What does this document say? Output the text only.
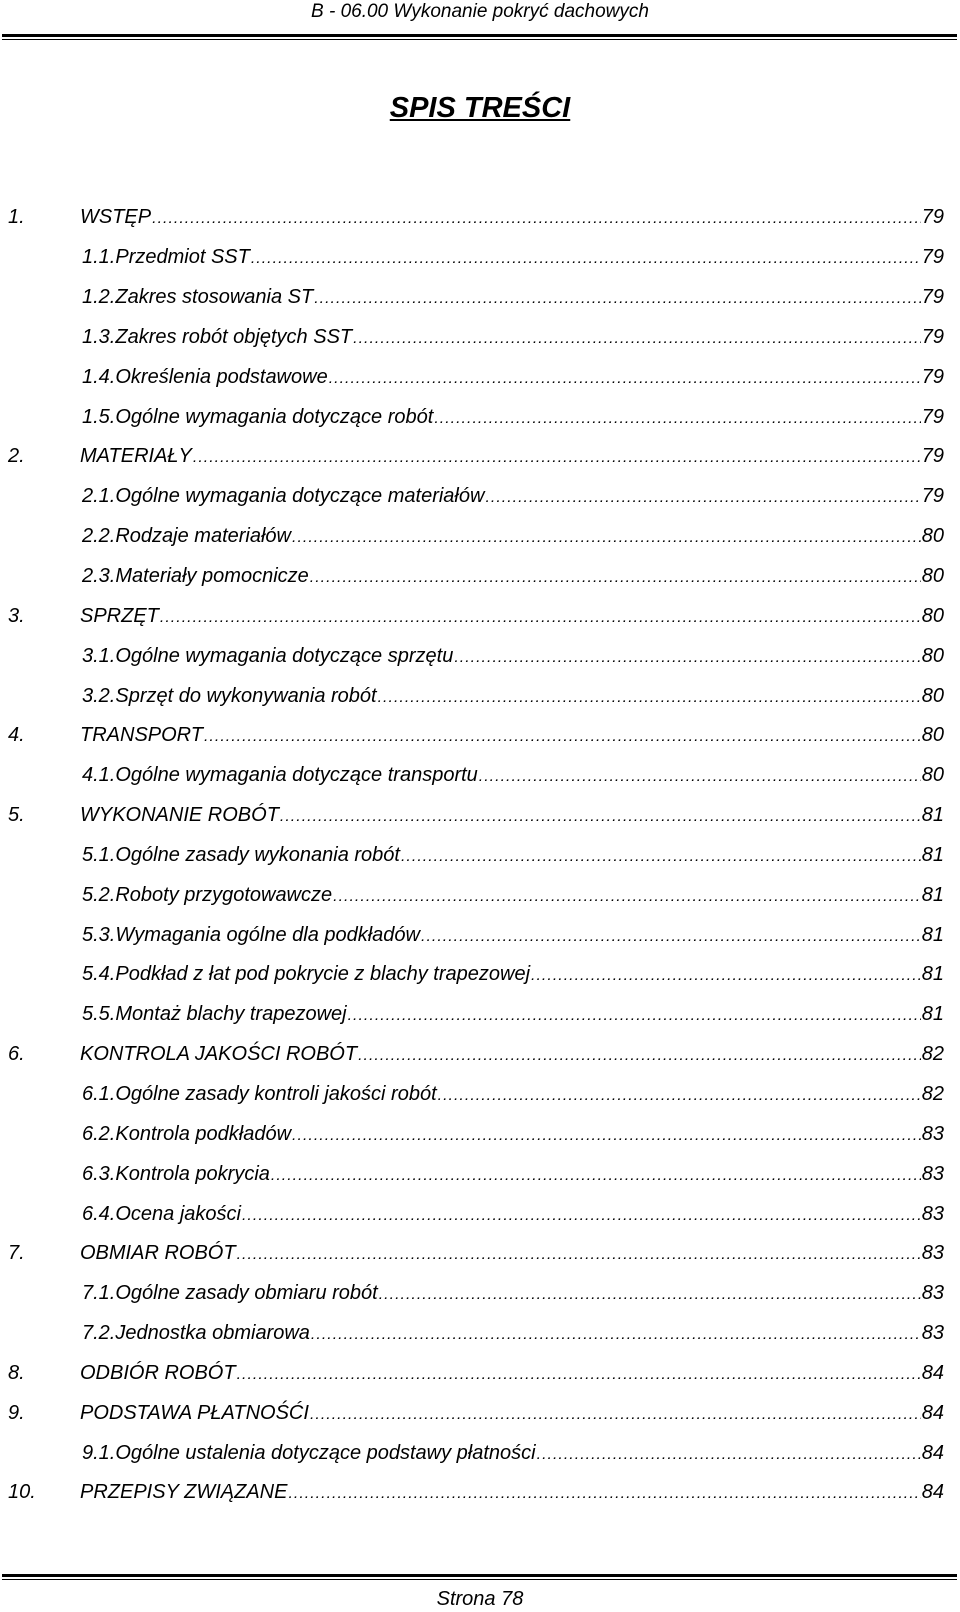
B - 06.00 Wykonanie pokryć dachowych
SPIS TREŚCI
1.	WSTĘP .....	79
1.1.Przedmiot SST .....	79
1.2.Zakres stosowania ST .....	79
1.3.Zakres robót objętych SST .....	79
1.4.Określenia podstawowe .....	79
1.5.Ogólne wymagania dotyczące robót .....	79
2.	MATERIAŁY .....	79
2.1.Ogólne wymagania dotyczące materiałów .....	79
2.2.Rodzaje materiałów .....	80
2.3.Materiały pomocnicze .....	80
3.	SPRZĘT .....	80
3.1.Ogólne wymagania dotyczące sprzętu .....	80
3.2.Sprzęt do wykonywania robót .....	80
4.	TRANSPORT .....	80
4.1.Ogólne wymagania dotyczące transportu .....	80
5.	WYKONANIE ROBÓT .....	81
5.1.Ogólne zasady wykonania robót .....	81
5.2.Roboty przygotowawcze .....	81
5.3.Wymagania ogólne dla podkładów .....	81
5.4.Podkład z łat pod pokrycie z blachy trapezowej .....	81
5.5.Montaż blachy trapezowej .....	81
6.	KONTROLA JAKOŚCI ROBÓT .....	82
6.1.Ogólne zasady kontroli jakości robót .....	82
6.2.Kontrola podkładów .....	83
6.3.Kontrola pokrycia .....	83
6.4.Ocena jakości .....	83
7.	OBMIAR ROBÓT .....	83
7.1.Ogólne zasady obmiaru robót .....	83
7.2.Jednostka obmiarowa .....	83
8.	ODBIÓR ROBÓT .....	84
9.	PODSTAWA PŁATNOŚĆI .....	84
9.1.Ogólne ustalenia dotyczące podstawy płatności .....	84
10. PRZEPISY ZWIĄZANE .....	84
Strona 78
